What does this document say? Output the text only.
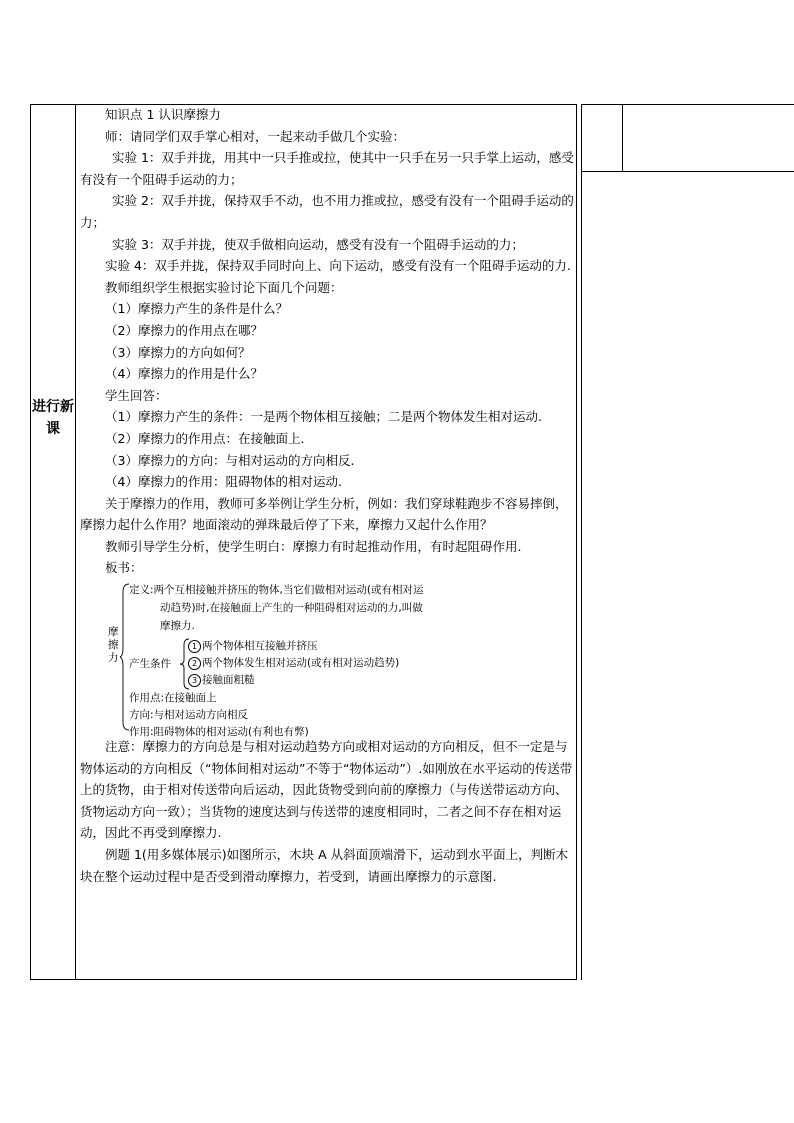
进行新课

知识点 1 认识摩擦力

师：请同学们双手掌心相对，一起来动手做几个实验：

实验 1：双手并拢，用其中一只手推或拉，使其中一只手在另一只手掌上运动，感受有没有一个阻碍手运动的力；

实验 2：双手并拢，保持双手不动，也不用力推或拉，感受有没有一个阻碍手运动的力；

实验 3：双手并拢，使双手做相向运动，感受有没有一个阻碍手运动的力；

实验 4：双手并拢，保持双手同时向上、向下运动，感受有没有一个阻碍手运动的力.

教师组织学生根据实验讨论下面几个问题：

（1）摩擦力产生的条件是什么？

（2）摩擦力的作用点在哪？

（3）摩擦力的方向如何？

（4）摩擦力的作用是什么？

学生回答：

（1）摩擦力产生的条件：一是两个物体相互接触；二是两个物体发生相对运动.

（2）摩擦力的作用点：在接触面上.

（3）摩擦力的方向：与相对运动的方向相反.

（4）摩擦力的作用：阻碍物体的相对运动.

关于摩擦力的作用，教师可多举例让学生分析，例如：我们穿球鞋跑步不容易摔倒，摩擦力起什么作用？地面滚动的弹珠最后停了下来，摩擦力又起什么作用？

教师引导学生分析，使学生明白：摩擦力有时起推动作用，有时起阻碍作用.

板书：

摩擦力
定义:两个互相接触并挤压的物体,当它们做相对运动(或有相对运
动趋势)时,在接触面上产生的一种阻碍相对运动的力,叫做
摩擦力.
产生条件
1 两个物体相互接触并挤压
2 两个物体发生相对运动(或有相对运动趋势)
3 接触面粗糙
作用点:在接触面上
方向:与相对运动方向相反
作用:阻碍物体的相对运动(有利也有弊)

注意：摩擦力的方向总是与相对运动趋势方向或相对运动的方向相反，但不一定是与物体运动的方向相反（“物体间相对运动”不等于“物体运动”）.如刚放在水平运动的传送带上的货物，由于相对传送带向后运动，因此货物受到向前的摩擦力（与传送带运动方向、货物运动方向一致）；当货物的速度达到与传送带的速度相同时，二者之间不存在相对运动，因此不再受到摩擦力.

例题 1(用多媒体展示)如图所示，木块 A 从斜面顶端滑下，运动到水平面上，判断木块在整个运动过程中是否受到滑动摩擦力，若受到，请画出摩擦力的示意图.
